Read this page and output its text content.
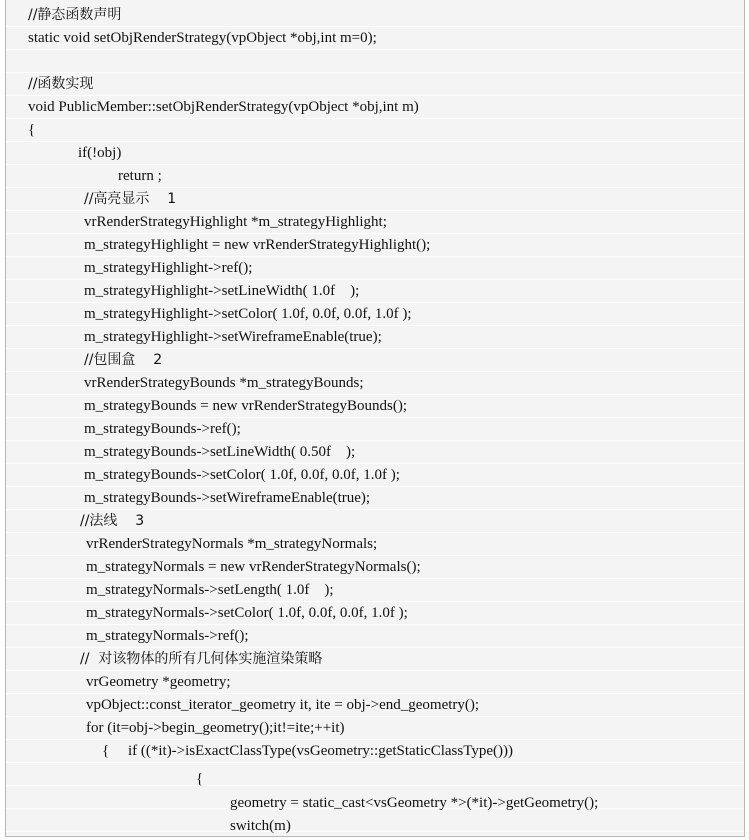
//静态函数声明
static void setObjRenderStrategy(vpObject *obj,int m=0);
//函数实现
void PublicMember::setObjRenderStrategy(vpObject *obj,int m)
{
if(!obj)
return ;
//高亮显示    1
vrRenderStrategyHighlight *m_strategyHighlight;
m_strategyHighlight = new vrRenderStrategyHighlight();
m_strategyHighlight->ref();
m_strategyHighlight->setLineWidth( 1.0f    );
m_strategyHighlight->setColor( 1.0f, 0.0f, 0.0f, 1.0f );
m_strategyHighlight->setWireframeEnable(true);
//包围盒    2
vrRenderStrategyBounds *m_strategyBounds;
m_strategyBounds = new vrRenderStrategyBounds();
m_strategyBounds->ref();
m_strategyBounds->setLineWidth( 0.50f    );
m_strategyBounds->setColor( 1.0f, 0.0f, 0.0f, 1.0f );
m_strategyBounds->setWireframeEnable(true);
//法线    3
vrRenderStrategyNormals *m_strategyNormals;
m_strategyNormals = new vrRenderStrategyNormals();
m_strategyNormals->setLength( 1.0f    );
m_strategyNormals->setColor( 1.0f, 0.0f, 0.0f, 1.0f );
m_strategyNormals->ref();
//  对该物体的所有几何体实施渲染策略
vrGeometry *geometry;
vpObject::const_iterator_geometry it, ite = obj->end_geometry();
for (it=obj->begin_geometry();it!=ite;++it)
{     if ((*it)->isExactClassType(vsGeometry::getStaticClassType()))
{
geometry = static_cast<vsGeometry *>(*it)->getGeometry();
switch(m)
